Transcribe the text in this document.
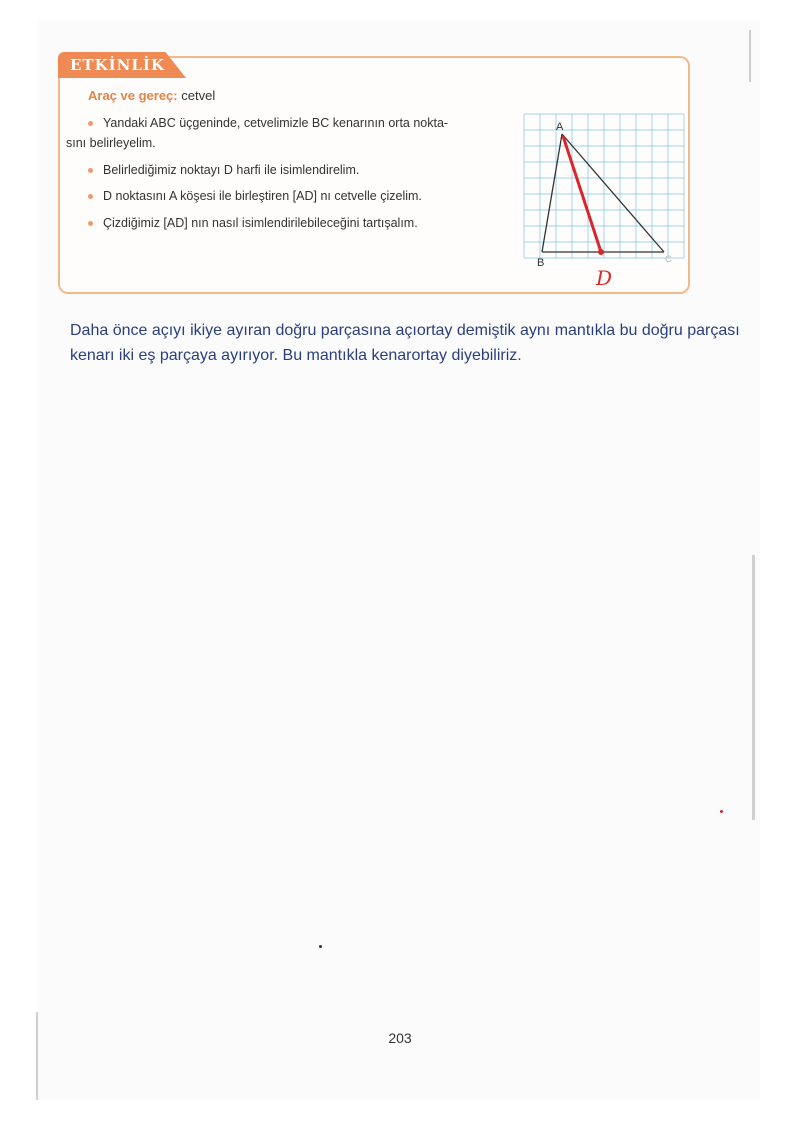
ETKİNLİK
Araç ve gereç: cetvel
Yandaki ABC üçgeninde, cetvelimizle BC kenarının orta nokta-
sını belirleyelim.
Belirlediğimiz noktayı D harfi ile isimlendirelim.
D noktasını A köşesi ile birleştiren [AD] nı cetvelle çizelim.
Çizdiğimiz [AD] nın nasıl isimlendirilebileceğini tartışalım.
A
B	C
D
Daha önce açıyı ikiye ayıran doğru parçasına açıortay demiştik aynı mantıkla bu doğru parçası kenarı iki eş parçaya ayırıyor. Bu mantıkla kenarortay diyebiliriz.
203
